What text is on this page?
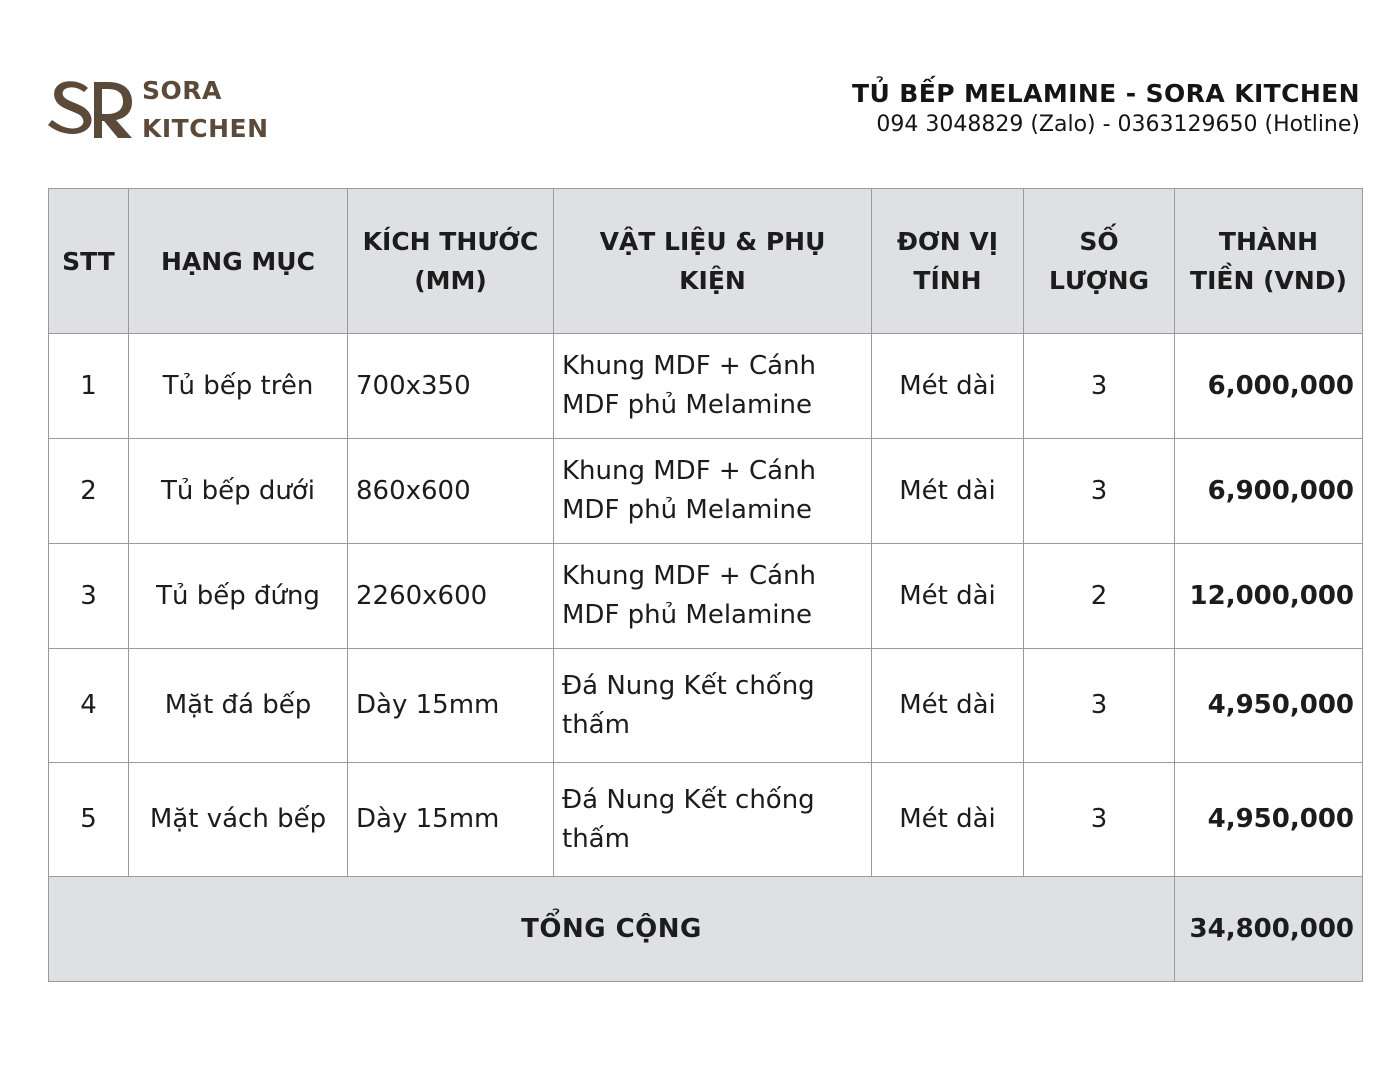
SORA
KITCHEN
TỦ BẾP MELAMINE - SORA KITCHEN
094 3048829 (Zalo) - 0363129650 (Hotline)
STT	HẠNG MỤC	KÍCH THƯỚC (MM)	VẬT LIỆU & PHỤ KIỆN	ĐƠN VỊ TÍNH	SỐ LƯỢNG	THÀNH TIỀN (VND)
1	Tủ bếp trên	700x350	Khung MDF + Cánh MDF phủ Melamine	Mét dài	3	6,000,000
2	Tủ bếp dưới	860x600	Khung MDF + Cánh MDF phủ Melamine	Mét dài	3	6,900,000
3	Tủ bếp đứng	2260x600	Khung MDF + Cánh MDF phủ Melamine	Mét dài	2	12,000,000
4	Mặt đá bếp	Dày 15mm	Đá Nung Kết chống thấm	Mét dài	3	4,950,000
5	Mặt vách bếp	Dày 15mm	Đá Nung Kết chống thấm	Mét dài	3	4,950,000
TỔNG CỘNG						34,800,000
